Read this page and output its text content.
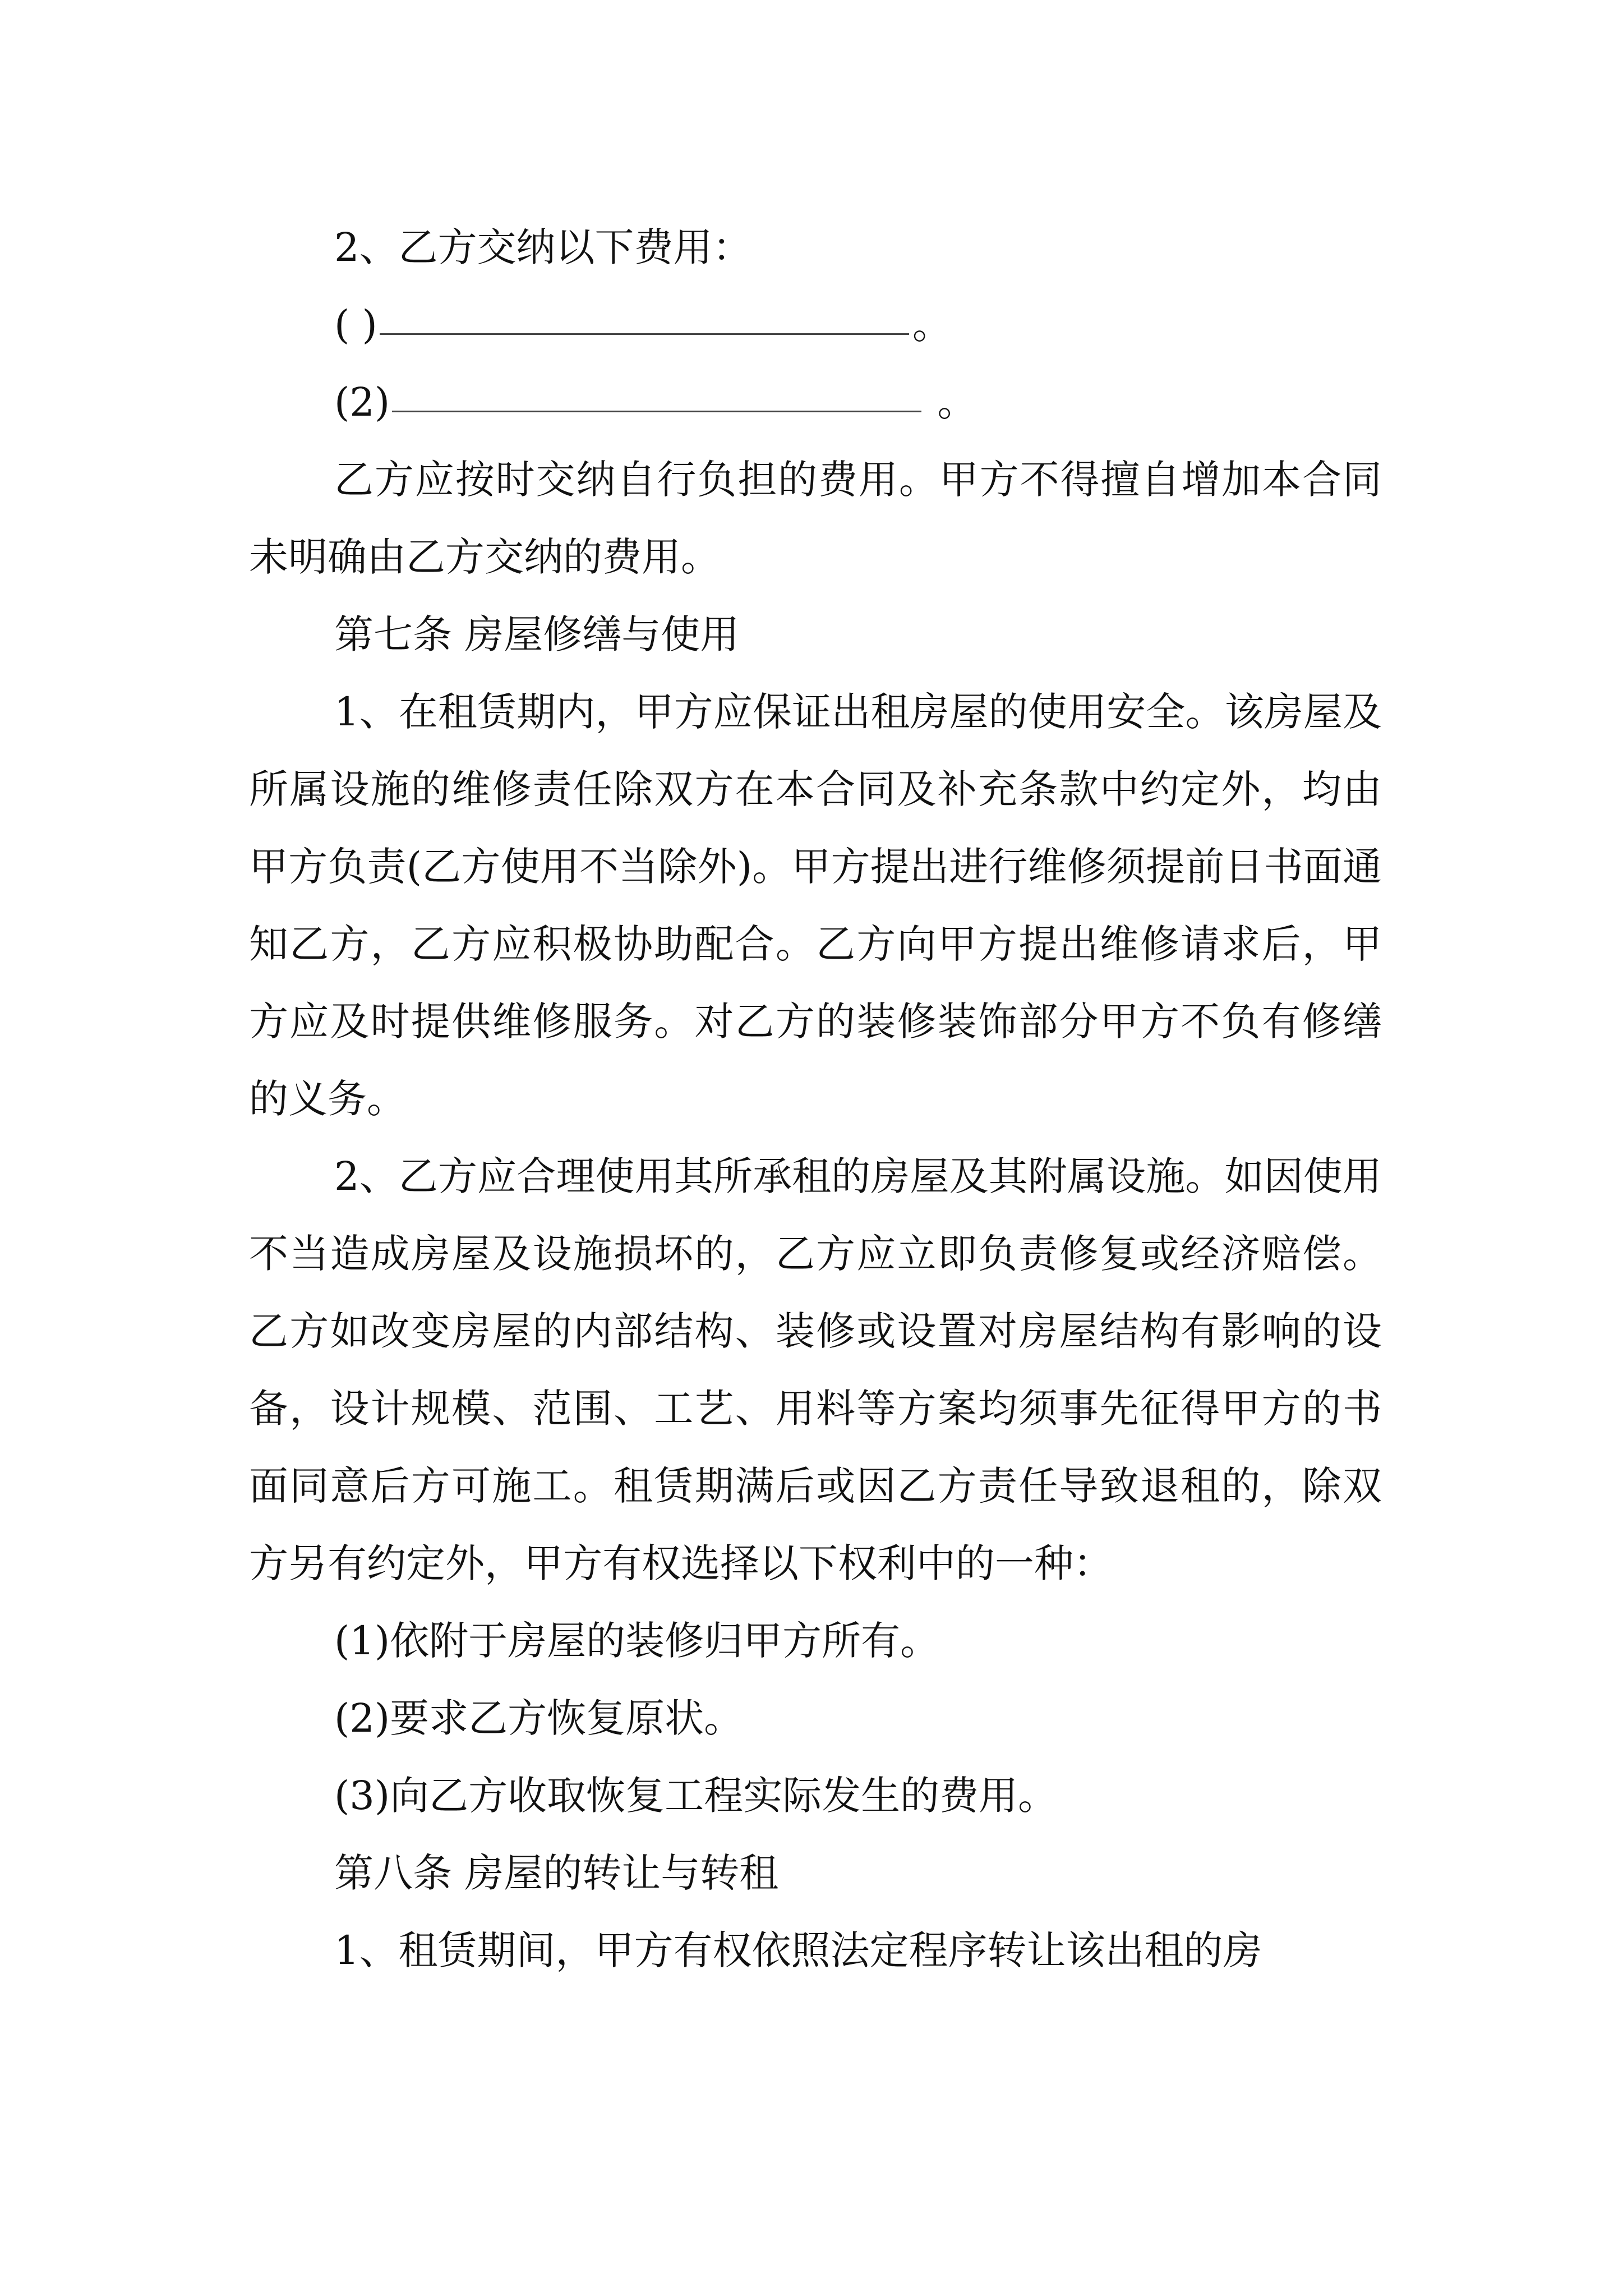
2、乙方交纳以下费用：

( )	。

(2)	。

乙方应按时交纳自行负担的费用。甲方不得擅自增加本合同未明确由乙方交纳的费用。

第七条 房屋修缮与使用

1、在租赁期内，甲方应保证出租房屋的使用安全。该房屋及所属设施的维修责任除双方在本合同及补充条款中约定外，均由甲方负责(乙方使用不当除外)。甲方提出进行维修须提前日书面通知乙方，乙方应积极协助配合。乙方向甲方提出维修请求后，甲方应及时提供维修服务。对乙方的装修装饰部分甲方不负有修缮的义务。

2、乙方应合理使用其所承租的房屋及其附属设施。如因使用不当造成房屋及设施损坏的，乙方应立即负责修复或经济赔偿。乙方如改变房屋的内部结构、装修或设置对房屋结构有影响的设备，设计规模、范围、工艺、用料等方案均须事先征得甲方的书面同意后方可施工。租赁期满后或因乙方责任导致退租的，除双方另有约定外，甲方有权选择以下权利中的一种：

(1)依附于房屋的装修归甲方所有。

(2)要求乙方恢复原状。

(3)向乙方收取恢复工程实际发生的费用。

第八条 房屋的转让与转租

1、租赁期间，甲方有权依照法定程序转让该出租的房
